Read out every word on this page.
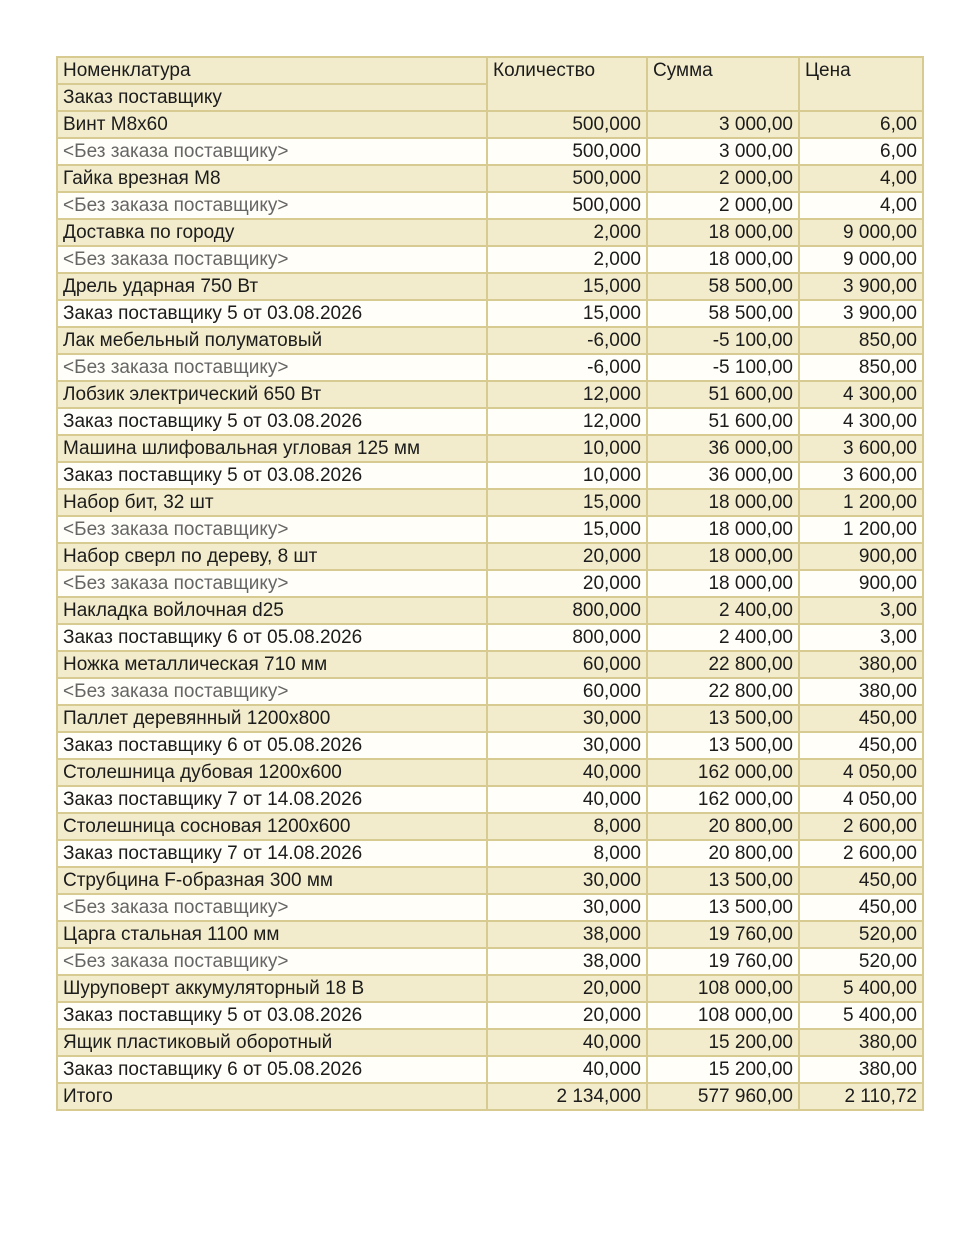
Номенклатура	Количество	Сумма	Цена
Заказ поставщику			
Винт М8х60	500,000	3 000,00	6,00
<Без заказа поставщику>	500,000	3 000,00	6,00
Гайка врезная М8	500,000	2 000,00	4,00
<Без заказа поставщику>	500,000	2 000,00	4,00
Доставка по городу	2,000	18 000,00	9 000,00
<Без заказа поставщику>	2,000	18 000,00	9 000,00
Дрель ударная 750 Вт	15,000	58 500,00	3 900,00
Заказ поставщику 5 от 03.08.2026	15,000	58 500,00	3 900,00
Лак мебельный полуматовый	-6,000	-5 100,00	850,00
<Без заказа поставщику>	-6,000	-5 100,00	850,00
Лобзик электрический 650 Вт	12,000	51 600,00	4 300,00
Заказ поставщику 5 от 03.08.2026	12,000	51 600,00	4 300,00
Машина шлифовальная угловая 125 мм	10,000	36 000,00	3 600,00
Заказ поставщику 5 от 03.08.2026	10,000	36 000,00	3 600,00
Набор бит, 32 шт	15,000	18 000,00	1 200,00
<Без заказа поставщику>	15,000	18 000,00	1 200,00
Набор сверл по дереву, 8 шт	20,000	18 000,00	900,00
<Без заказа поставщику>	20,000	18 000,00	900,00
Накладка войлочная d25	800,000	2 400,00	3,00
Заказ поставщику 6 от 05.08.2026	800,000	2 400,00	3,00
Ножка металлическая 710 мм	60,000	22 800,00	380,00
<Без заказа поставщику>	60,000	22 800,00	380,00
Паллет деревянный 1200х800	30,000	13 500,00	450,00
Заказ поставщику 6 от 05.08.2026	30,000	13 500,00	450,00
Столешница дубовая 1200х600	40,000	162 000,00	4 050,00
Заказ поставщику 7 от 14.08.2026	40,000	162 000,00	4 050,00
Столешница сосновая 1200х600	8,000	20 800,00	2 600,00
Заказ поставщику 7 от 14.08.2026	8,000	20 800,00	2 600,00
Струбцина F-образная 300 мм	30,000	13 500,00	450,00
<Без заказа поставщику>	30,000	13 500,00	450,00
Царга стальная 1100 мм	38,000	19 760,00	520,00
<Без заказа поставщику>	38,000	19 760,00	520,00
Шуруповерт аккумуляторный 18 В	20,000	108 000,00	5 400,00
Заказ поставщику 5 от 03.08.2026	20,000	108 000,00	5 400,00
Ящик пластиковый оборотный	40,000	15 200,00	380,00
Заказ поставщику 6 от 05.08.2026	40,000	15 200,00	380,00
Итого	2 134,000	577 960,00	2 110,72
